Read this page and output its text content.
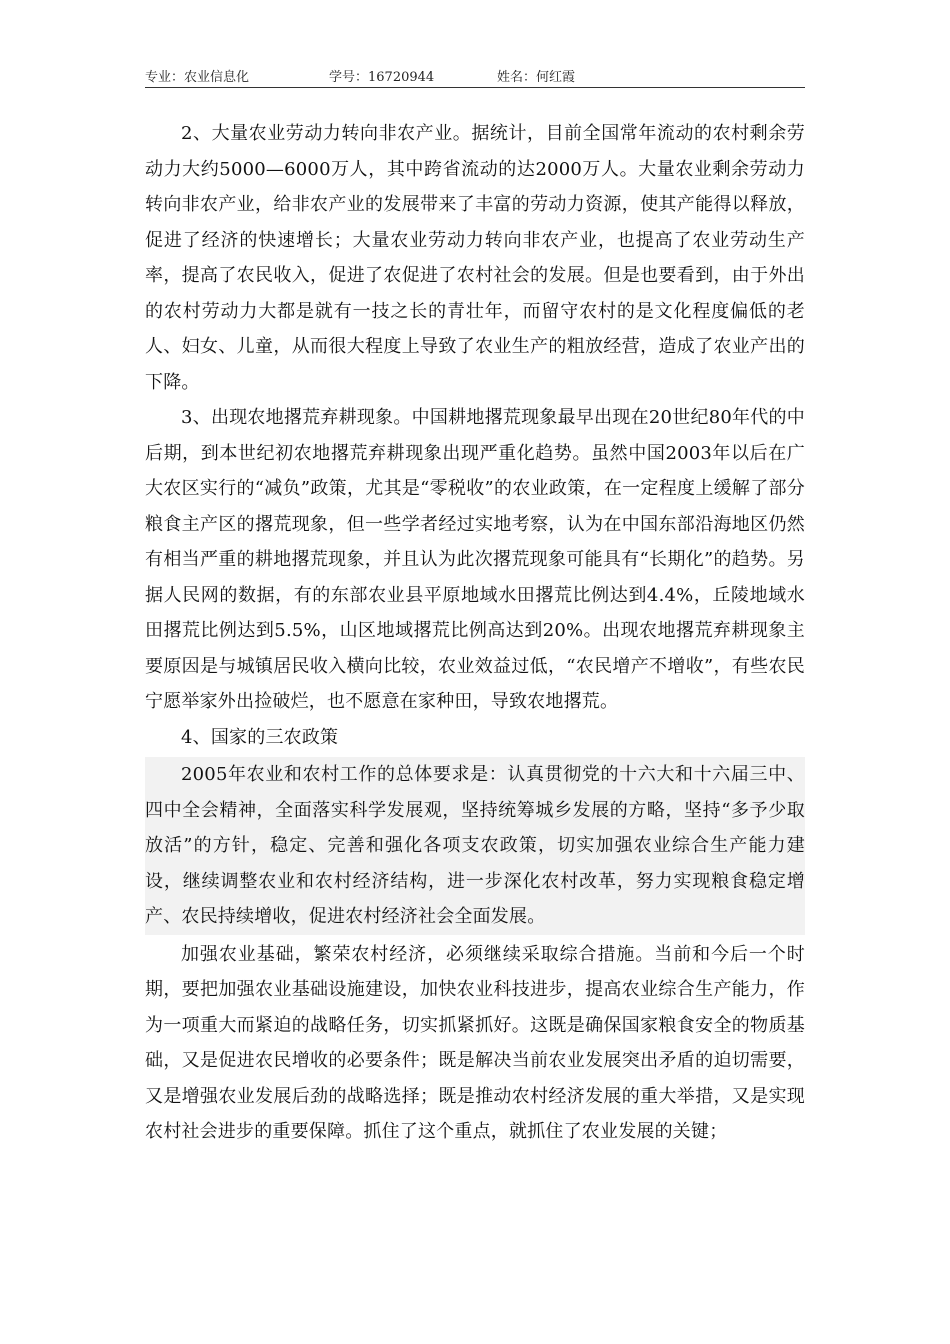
专业：农业信息化	学号：16720944	姓名：何红霞

2、大量农业劳动力转向非农产业。据统计，目前全国常年流动的农村剩余劳动力大约5000—6000万人，其中跨省流动的达2000万人。大量农业剩余劳动力转向非农产业，给非农产业的发展带来了丰富的劳动力资源，使其产能得以释放，促进了经济的快速增长；大量农业劳动力转向非农产业，也提高了农业劳动生产率，提高了农民收入，促进了农促进了农村社会的发展。但是也要看到，由于外出的农村劳动力大都是就有一技之长的青壮年，而留守农村的是文化程度偏低的老人、妇女、儿童，从而很大程度上导致了农业生产的粗放经营，造成了农业产出的下降。

3、出现农地撂荒弃耕现象。中国耕地撂荒现象最早出现在20世纪80年代的中后期，到本世纪初农地撂荒弃耕现象出现严重化趋势。虽然中国2003年以后在广大农区实行的“减负”政策，尤其是“零税收”的农业政策，在一定程度上缓解了部分粮食主产区的撂荒现象，但一些学者经过实地考察，认为在中国东部沿海地区仍然有相当严重的耕地撂荒现象，并且认为此次撂荒现象可能具有“长期化”的趋势。另据人民网的数据，有的东部农业县平原地域水田撂荒比例达到4.4%，丘陵地域水田撂荒比例达到5.5%，山区地域撂荒比例高达到20%。出现农地撂荒弃耕现象主要原因是与城镇居民收入横向比较，农业效益过低，“农民增产不增收”，有些农民宁愿举家外出捡破烂，也不愿意在家种田，导致农地撂荒。

4、国家的三农政策

2005年农业和农村工作的总体要求是：认真贯彻党的十六大和十六届三中、四中全会精神，全面落实科学发展观，坚持统筹城乡发展的方略，坚持“多予少取放活”的方针，稳定、完善和强化各项支农政策，切实加强农业综合生产能力建设，继续调整农业和农村经济结构，进一步深化农村改革，努力实现粮食稳定增产、农民持续增收，促进农村经济社会全面发展。

加强农业基础，繁荣农村经济，必须继续采取综合措施。当前和今后一个时期，要把加强农业基础设施建设，加快农业科技进步，提高农业综合生产能力，作为一项重大而紧迫的战略任务，切实抓紧抓好。这既是确保国家粮食安全的物质基础，又是促进农民增收的必要条件；既是解决当前农业发展突出矛盾的迫切需要，又是增强农业发展后劲的战略选择；既是推动农村经济发展的重大举措，又是实现农村社会进步的重要保障。抓住了这个重点，就抓住了农业发展的关键；
